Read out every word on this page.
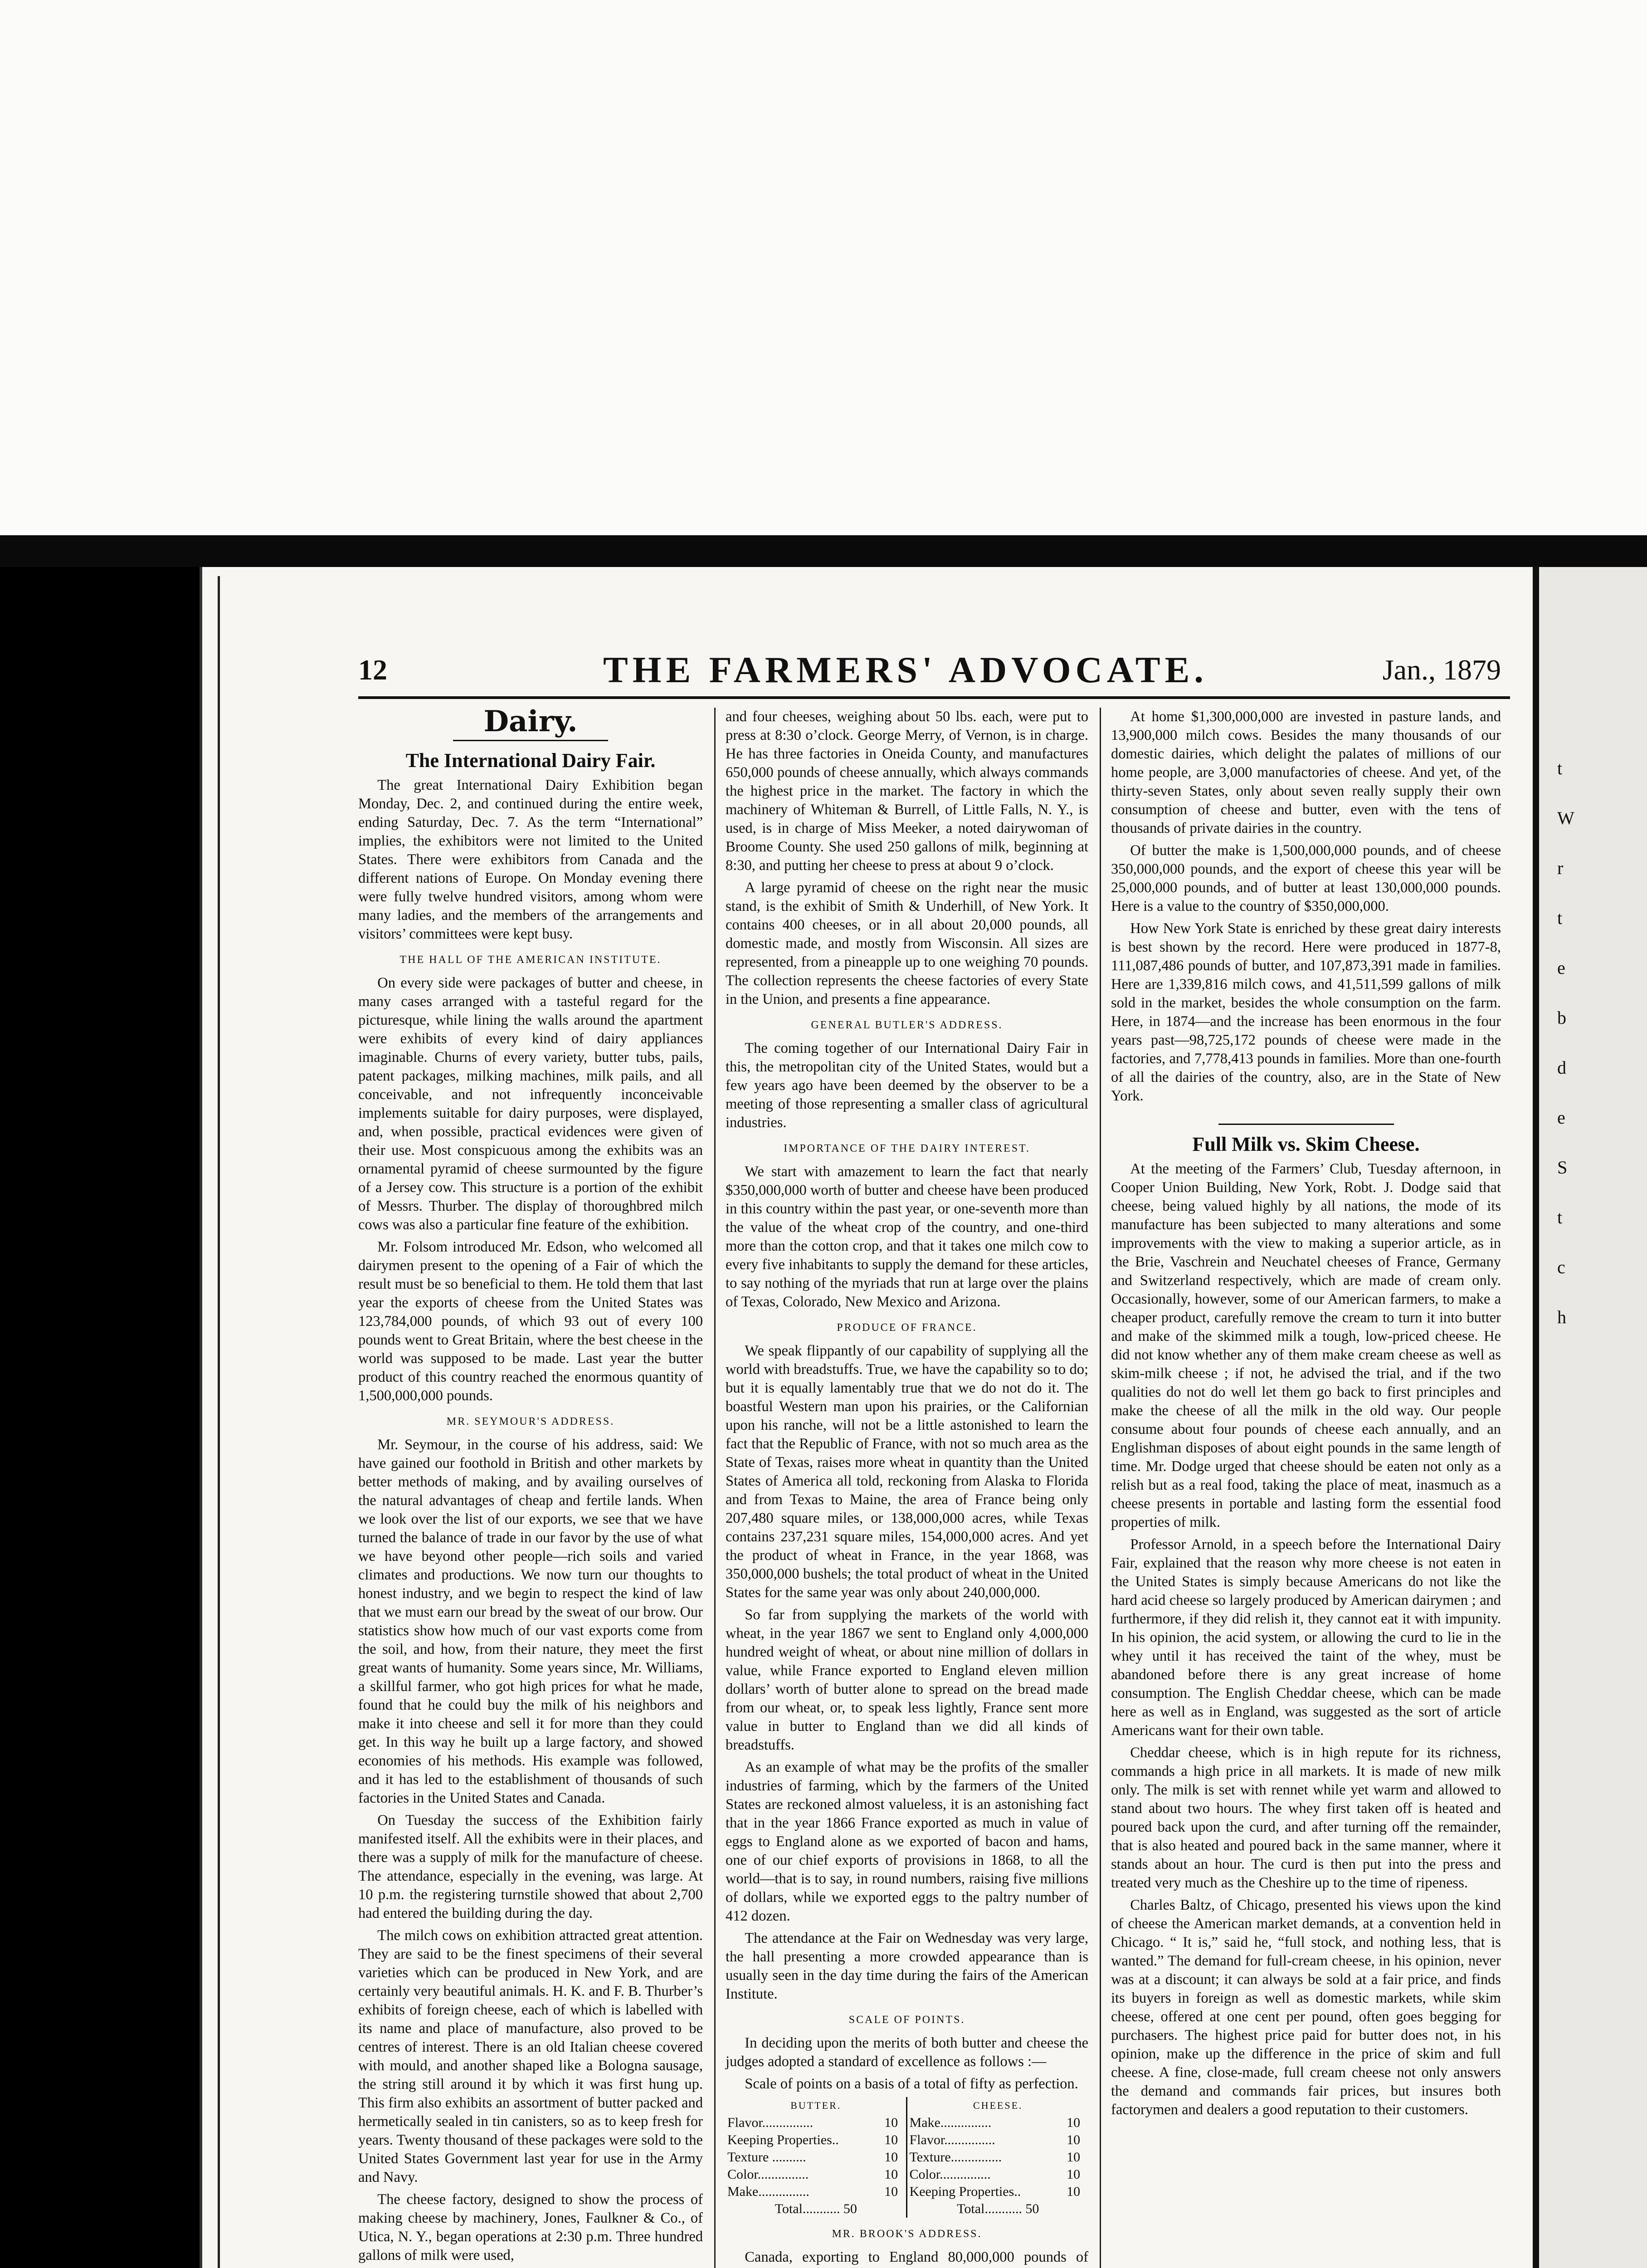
t
W
r
t
e
b
d
e
S
t
c
h
12	THE FARMERS' ADVOCATE.	Jan., 1879
Dairy.
The International Dairy Fair.

The great International Dairy Exhibition began Monday, Dec. 2, and continued during the entire week, ending Saturday, Dec. 7. As the term “International” implies, the exhibitors were not limited to the United States. There were exhibitors from Canada and the different nations of Europe. On Monday evening there were fully twelve hundred visitors, among whom were many ladies, and the members of the arrangements and visitors’ committees were kept busy.

THE HALL OF THE AMERICAN INSTITUTE.

On every side were packages of butter and cheese, in many cases arranged with a tasteful regard for the picturesque, while lining the walls around the apartment were exhibits of every kind of dairy appliances imaginable. Churns of every variety, butter tubs, pails, patent packages, milking machines, milk pails, and all conceivable, and not infrequently inconceivable implements suitable for dairy purposes, were displayed, and, when possible, practical evidences were given of their use. Most conspicuous among the exhibits was an ornamental pyramid of cheese surmounted by the figure of a Jersey cow. This structure is a portion of the exhibit of Messrs. Thurber. The display of thoroughbred milch cows was also a particular fine feature of the exhibition.

Mr. Folsom introduced Mr. Edson, who welcomed all dairymen present to the opening of a Fair of which the result must be so beneficial to them. He told them that last year the exports of cheese from the United States was 123,784,000 pounds, of which 93 out of every 100 pounds went to Great Britain, where the best cheese in the world was supposed to be made. Last year the butter product of this country reached the enormous quantity of 1,500,000,000 pounds.

MR. SEYMOUR'S ADDRESS.

Mr. Seymour, in the course of his address, said: We have gained our foothold in British and other markets by better methods of making, and by availing ourselves of the natural advantages of cheap and fertile lands. When we look over the list of our exports, we see that we have turned the balance of trade in our favor by the use of what we have beyond other people—rich soils and varied climates and productions. We now turn our thoughts to honest industry, and we begin to respect the kind of law that we must earn our bread by the sweat of our brow. Our statistics show how much of our vast exports come from the soil, and how, from their nature, they meet the first great wants of humanity. Some years since, Mr. Williams, a skillful farmer, who got high prices for what he made, found that he could buy the milk of his neighbors and make it into cheese and sell it for more than they could get. In this way he built up a large factory, and showed economies of his methods. His example was followed, and it has led to the establishment of thousands of such factories in the United States and Canada.

On Tuesday the success of the Exhibition fairly manifested itself. All the exhibits were in their places, and there was a supply of milk for the manufacture of cheese. The attendance, especially in the evening, was large. At 10 p.m. the registering turnstile showed that about 2,700 had entered the building during the day.

The milch cows on exhibition attracted great attention. They are said to be the finest specimens of their several varieties which can be produced in New York, and are certainly very beautiful animals. H. K. and F. B. Thurber’s exhibits of foreign cheese, each of which is labelled with its name and place of manufacture, also proved to be centres of interest. There is an old Italian cheese covered with mould, and another shaped like a Bologna sausage, the string still around it by which it was first hung up. This firm also exhibits an assortment of butter packed and hermetically sealed in tin canisters, so as to keep fresh for years. Twenty thousand of these packages were sold to the United States Government last year for use in the Army and Navy.

The cheese factory, designed to show the process of making cheese by machinery, Jones, Faulkner & Co., of Utica, N. Y., began operations at 2:30 p.m. Three hundred gallons of milk were used,

and four cheeses, weighing about 50 lbs. each, were put to press at 8:30 o’clock. George Merry, of Vernon, is in charge. He has three factories in Oneida County, and manufactures 650,000 pounds of cheese annually, which always commands the highest price in the market. The factory in which the machinery of Whiteman & Burrell, of Little Falls, N. Y., is used, is in charge of Miss Meeker, a noted dairywoman of Broome County. She used 250 gallons of milk, beginning at 8:30, and putting her cheese to press at about 9 o’clock.

A large pyramid of cheese on the right near the music stand, is the exhibit of Smith & Underhill, of New York. It contains 400 cheeses, or in all about 20,000 pounds, all domestic made, and mostly from Wisconsin. All sizes are represented, from a pineapple up to one weighing 70 pounds. The collection represents the cheese factories of every State in the Union, and presents a fine appearance.

GENERAL BUTLER'S ADDRESS.

The coming together of our International Dairy Fair in this, the metropolitan city of the United States, would but a few years ago have been deemed by the observer to be a meeting of those representing a smaller class of agricultural industries.

IMPORTANCE OF THE DAIRY INTEREST.

We start with amazement to learn the fact that nearly $350,000,000 worth of butter and cheese have been produced in this country within the past year, or one-seventh more than the value of the wheat crop of the country, and one-third more than the cotton crop, and that it takes one milch cow to every five inhabitants to supply the demand for these articles, to say nothing of the myriads that run at large over the plains of Texas, Colorado, New Mexico and Arizona.

PRODUCE OF FRANCE.

We speak flippantly of our capability of supplying all the world with breadstuffs. True, we have the capability so to do; but it is equally lamentably true that we do not do it. The boastful Western man upon his prairies, or the Californian upon his ranche, will not be a little astonished to learn the fact that the Republic of France, with not so much area as the State of Texas, raises more wheat in quantity than the United States of America all told, reckoning from Alaska to Florida and from Texas to Maine, the area of France being only 207,480 square miles, or 138,000,000 acres, while Texas contains 237,231 square miles, 154,000,000 acres. And yet the product of wheat in France, in the year 1868, was 350,000,000 bushels; the total product of wheat in the United States for the same year was only about 240,000,000.

So far from supplying the markets of the world with wheat, in the year 1867 we sent to England only 4,000,000 hundred weight of wheat, or about nine million of dollars in value, while France exported to England eleven million dollars’ worth of butter alone to spread on the bread made from our wheat, or, to speak less lightly, France sent more value in butter to England than we did all kinds of breadstuffs.

As an example of what may be the profits of the smaller industries of farming, which by the farmers of the United States are reckoned almost valueless, it is an astonishing fact that in the year 1866 France exported as much in value of eggs to England alone as we exported of bacon and hams, one of our chief exports of provisions in 1868, to all the world—that is to say, in round numbers, raising five millions of dollars, while we exported eggs to the paltry number of 412 dozen.

The attendance at the Fair on Wednesday was very large, the hall presenting a more crowded appearance than is usually seen in the day time during the fairs of the American Institute.

SCALE OF POINTS.

In deciding upon the merits of both butter and cheese the judges adopted a standard of excellence as follows :—

Scale of points on a basis of a total of fifty as perfection.

BUTTER.		CHEESE.	
Flavor...............	10	Make...............	10
Keeping Properties..	10	Flavor...............	10
Texture ..........	10	Texture...............	10
Color...............	10	Color...............	10
Make...............	10	Keeping Properties..	10
Total........... 50		Total........... 50	
MR. BROOK'S ADDRESS.

Canada, exporting to England 80,000,000 pounds of

At home $1,300,000,000 are invested in pasture lands, and 13,900,000 milch cows. Besides the many thousands of our domestic dairies, which delight the palates of millions of our home people, are 3,000 manufactories of cheese. And yet, of the thirty-seven States, only about seven really supply their own consumption of cheese and butter, even with the tens of thousands of private dairies in the country.

Of butter the make is 1,500,000,000 pounds, and of cheese 350,000,000 pounds, and the export of cheese this year will be 25,000,000 pounds, and of butter at least 130,000,000 pounds. Here is a value to the country of $350,000,000.

How New York State is enriched by these great dairy interests is best shown by the record. Here were produced in 1877-8, 111,087,486 pounds of butter, and 107,873,391 made in families. Here are 1,339,816 milch cows, and 41,511,599 gallons of milk sold in the market, besides the whole consumption on the farm. Here, in 1874—and the increase has been enormous in the four years past—98,725,172 pounds of cheese were made in the factories, and 7,778,413 pounds in families. More than one-fourth of all the dairies of the country, also, are in the State of New York.

Full Milk vs. Skim Cheese.

At the meeting of the Farmers’ Club, Tuesday afternoon, in Cooper Union Building, New York, Robt. J. Dodge said that cheese, being valued highly by all nations, the mode of its manufacture has been subjected to many alterations and some improvements with the view to making a superior article, as in the Brie, Vaschrein and Neuchatel cheeses of France, Germany and Switzerland respectively, which are made of cream only. Occasionally, however, some of our American farmers, to make a cheaper product, carefully remove the cream to turn it into butter and make of the skimmed milk a tough, low-priced cheese. He did not know whether any of them make cream cheese as well as skim-milk cheese ; if not, he advised the trial, and if the two qualities do not do well let them go back to first principles and make the cheese of all the milk in the old way. Our people consume about four pounds of cheese each annually, and an Englishman disposes of about eight pounds in the same length of time. Mr. Dodge urged that cheese should be eaten not only as a relish but as a real food, taking the place of meat, inasmuch as a cheese presents in portable and lasting form the essential food properties of milk.

Professor Arnold, in a speech before the International Dairy Fair, explained that the reason why more cheese is not eaten in the United States is simply because Americans do not like the hard acid cheese so largely produced by American dairymen ; and furthermore, if they did relish it, they cannot eat it with impunity. In his opinion, the acid system, or allowing the curd to lie in the whey until it has received the taint of the whey, must be abandoned before there is any great increase of home consumption. The English Cheddar cheese, which can be made here as well as in England, was suggested as the sort of article Americans want for their own table.

Cheddar cheese, which is in high repute for its richness, commands a high price in all markets. It is made of new milk only. The milk is set with rennet while yet warm and allowed to stand about two hours. The whey first taken off is heated and poured back upon the curd, and after turning off the remainder, that is also heated and poured back in the same manner, where it stands about an hour. The curd is then put into the press and treated very much as the Cheshire up to the time of ripeness.

Charles Baltz, of Chicago, presented his views upon the kind of cheese the American market demands, at a convention held in Chicago. “ It is,” said he, “full stock, and nothing less, that is wanted.” The demand for full-cream cheese, in his opinion, never was at a discount; it can always be sold at a fair price, and finds its buyers in foreign as well as domestic markets, while skim cheese, offered at one cent per pound, often goes begging for purchasers. The highest price paid for butter does not, in his opinion, make up the difference in the price of skim and full cheese. A fine, close-made, full cream cheese not only answers the demand and commands fair prices, but insures both factorymen and dealers a good reputation to their customers.
